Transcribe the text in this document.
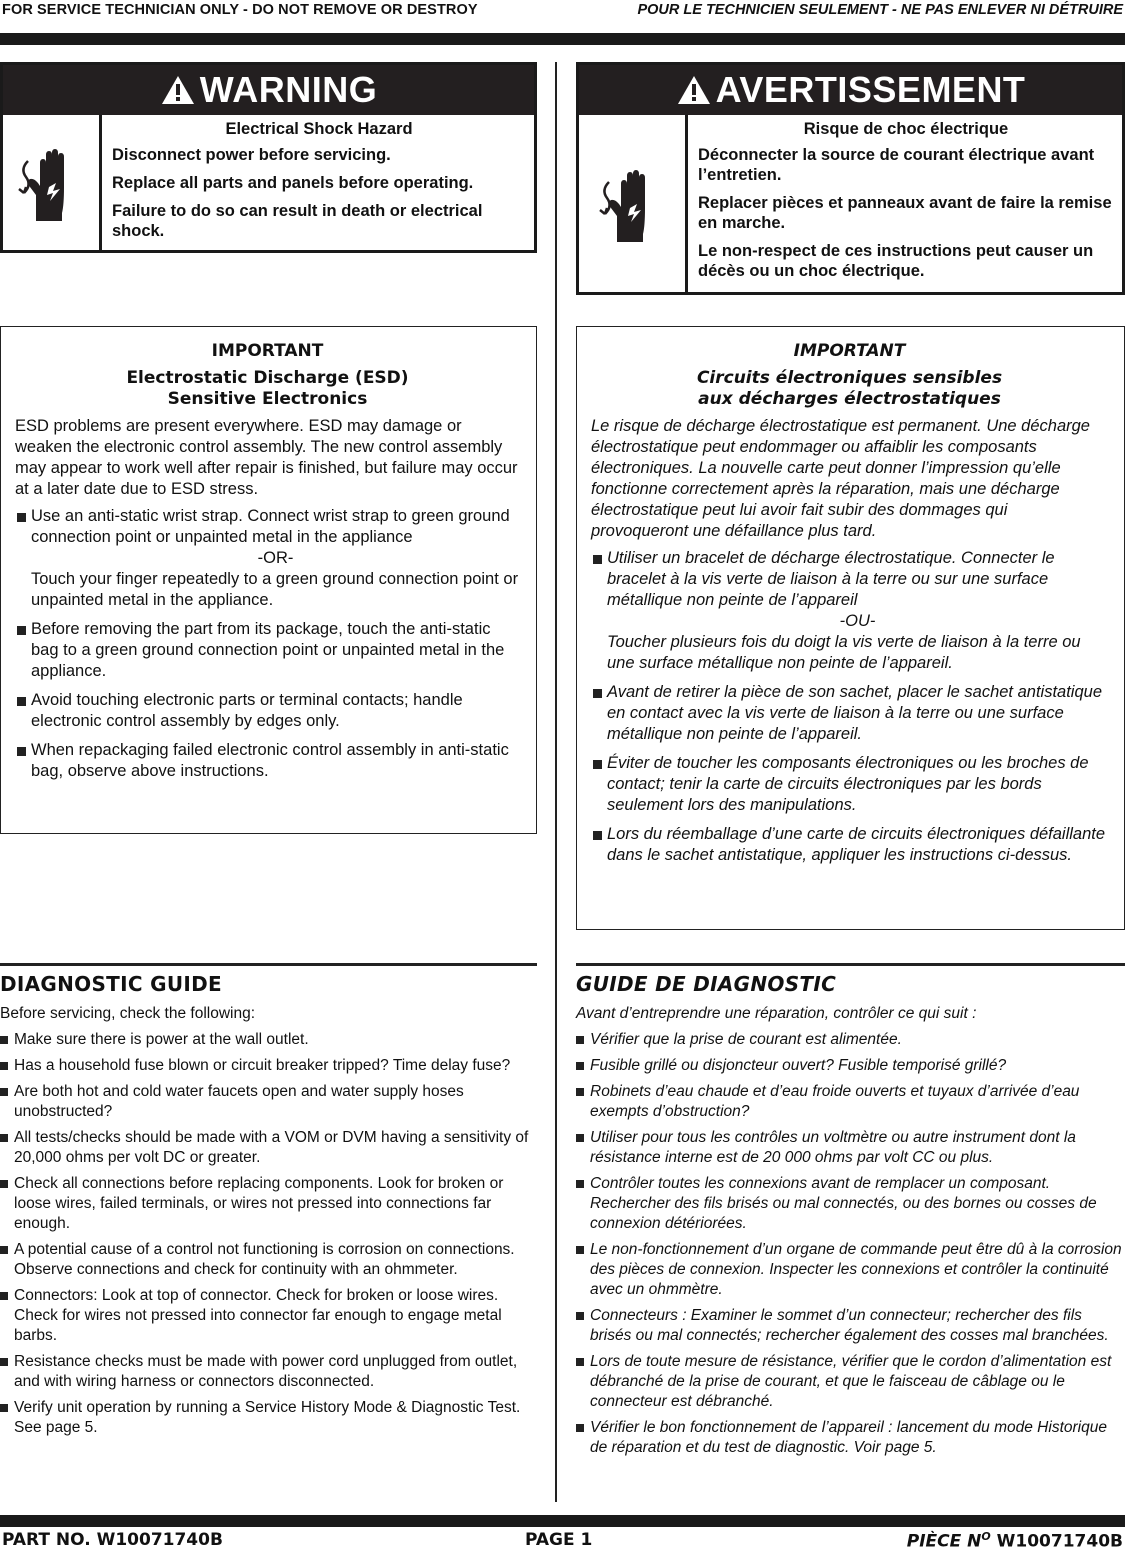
FOR SERVICE TECHNICIAN ONLY - DO NOT REMOVE OR DESTROY	POUR LE TECHNICIEN SEULEMENT - NE PAS ENLEVER NI DÉTRUIRE
WARNING
Electrical Shock Hazard

Disconnect power before servicing.

Replace all parts and panels before operating.

Failure to do so can result in death or electrical shock.

AVERTISSEMENT
Risque de choc électrique

Déconnecter la source de courant électrique avant l’entretien.

Replacer pièces et panneaux avant de faire la remise en marche.

Le non-respect de ces instructions peut causer un décès ou un choc électrique.

IMPORTANT
Electrostatic Discharge (ESD)
Sensitive Electronics

ESD problems are present everywhere. ESD may damage or weaken the electronic control assembly. The new control assembly may appear to work well after repair is finished, but failure may occur at a later date due to ESD stress.

Use an anti-static wrist strap. Connect wrist strap to green ground connection point or unpainted metal in the appliance
-OR-
Touch your finger repeatedly to a green ground connection point or unpainted metal in the appliance.
Before removing the part from its package, touch the anti-static bag to a green ground connection point or unpainted metal in the appliance.
Avoid touching electronic parts or terminal contacts; handle electronic control assembly by edges only.
When repackaging failed electronic control assembly in anti-static bag, observe above instructions.
IMPORTANT
Circuits électroniques sensibles
aux décharges électrostatiques

Le risque de décharge électrostatique est permanent. Une décharge électrostatique peut endommager ou affaiblir les composants électroniques. La nouvelle carte peut donner l’impression qu’elle fonctionne correctement après la réparation, mais une décharge électrostatique peut lui avoir fait subir des dommages qui provoqueront une défaillance plus tard.

Utiliser un bracelet de décharge électrostatique. Connecter le bracelet à la vis verte de liaison à la terre ou sur une surface métallique non peinte de l’appareil
-OU-
Toucher plusieurs fois du doigt la vis verte de liaison à la terre ou une surface métallique non peinte de l’appareil.
Avant de retirer la pièce de son sachet, placer le sachet antistatique en contact avec la vis verte de liaison à la terre ou une surface métallique non peinte de l’appareil.
Éviter de toucher les composants électroniques ou les broches de contact; tenir la carte de circuits électroniques par les bords seulement lors des manipulations.
Lors du réemballage d’une carte de circuits électroniques défaillante dans le sachet antistatique, appliquer les instructions ci-dessus.
DIAGNOSTIC GUIDE

Before servicing, check the following:

Make sure there is power at the wall outlet.
Has a household fuse blown or circuit breaker tripped? Time delay fuse?
Are both hot and cold water faucets open and water supply hoses unobstructed?
All tests/checks should be made with a VOM or DVM having a sensitivity of 20,000 ohms per volt DC or greater.
Check all connections before replacing components. Look for broken or loose wires, failed terminals, or wires not pressed into connections far enough.
A potential cause of a control not functioning is corrosion on connections. Observe connections and check for continuity with an ohmmeter.
Connectors: Look at top of connector. Check for broken or loose wires. Check for wires not pressed into connector far enough to engage metal barbs.
Resistance checks must be made with power cord unplugged from outlet, and with wiring harness or connectors disconnected.
Verify unit operation by running a Service History Mode & Diagnostic Test. See page 5.
GUIDE DE DIAGNOSTIC

Avant d’entreprendre une réparation, contrôler ce qui suit :

Vérifier que la prise de courant est alimentée.
Fusible grillé ou disjoncteur ouvert? Fusible temporisé grillé?
Robinets d’eau chaude et d’eau froide ouverts et tuyaux d’arrivée d’eau exempts d’obstruction?
Utiliser pour tous les contrôles un voltmètre ou autre instrument dont la résistance interne est de 20 000 ohms par volt CC ou plus.
Contrôler toutes les connexions avant de remplacer un composant. Rechercher des fils brisés ou mal connectés, ou des bornes ou cosses de connexion détériorées.
Le non-fonctionnement d’un organe de commande peut être dû à la corrosion des pièces de connexion. Inspecter les connexions et contrôler la continuité avec un ohmmètre.
Connecteurs : Examiner le sommet d’un connecteur; rechercher des fils brisés ou mal connectés; rechercher également des cosses mal branchées.
Lors de toute mesure de résistance, vérifier que le cordon d’alimentation est débranché de la prise de courant, et que le faisceau de câblage ou le connecteur est débranché.
Vérifier le bon fonctionnement de l’appareil : lancement du mode Historique de réparation et du test de diagnostic. Voir page 5.
PART NO. W10071740B	PAGE 1	PIÈCE $N^O$ W10071740B
